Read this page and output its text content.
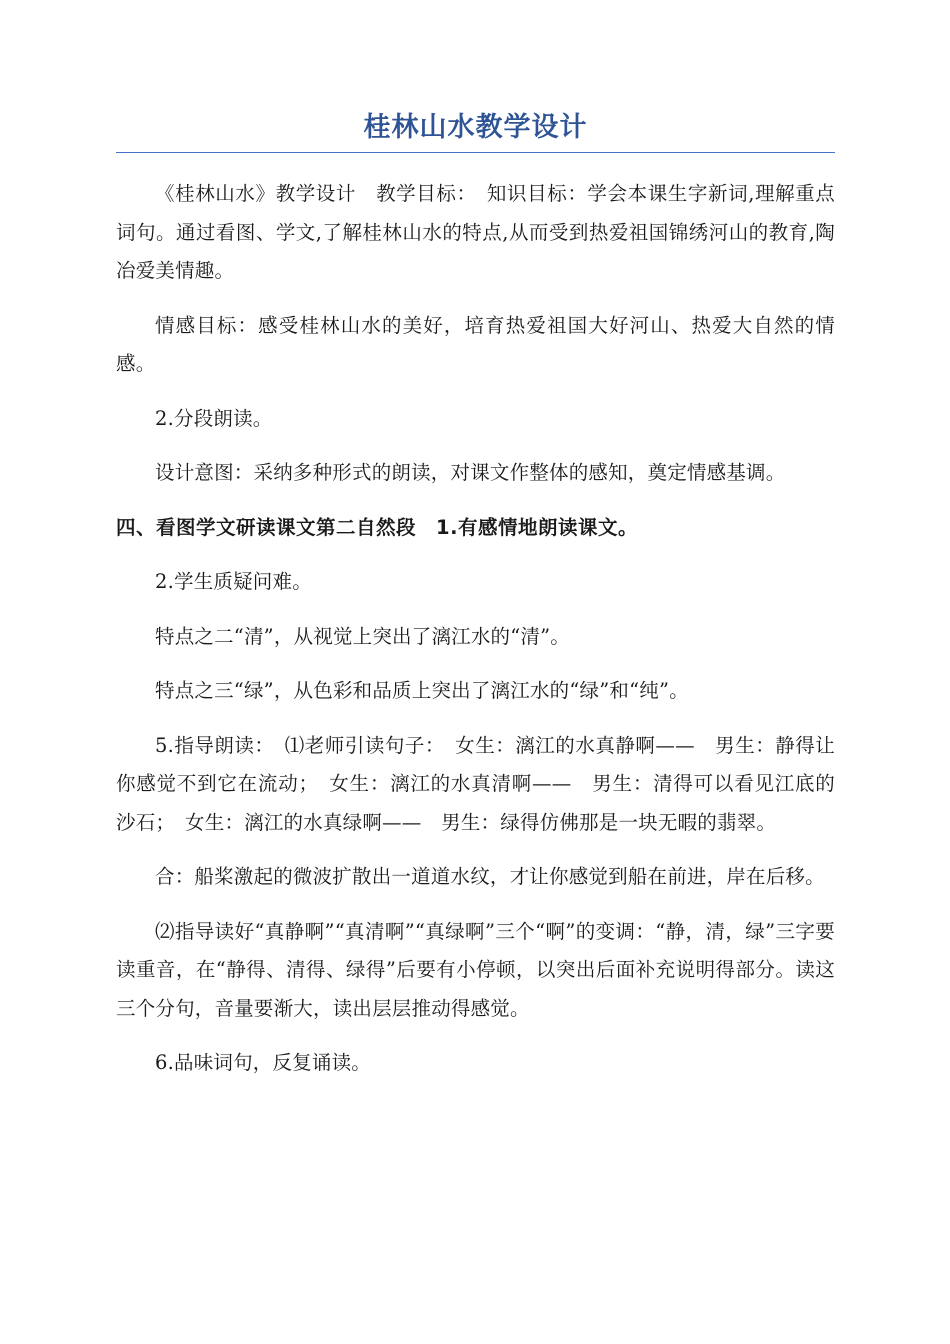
桂林山水教学设计

《桂林山水》教学设计　教学目标：　知识目标：学会本课生字新词,理解重点词句。通过看图、学文,了解桂林山水的特点,从而受到热爱祖国锦绣河山的教育,陶冶爱美情趣。

情感目标：感受桂林山水的美好，培育热爱祖国大好河山、热爱大自然的情感。

2.分段朗读。

设计意图：采纳多种形式的朗读，对课文作整体的感知，奠定情感基调。

四、看图学文研读课文第二自然段　1.有感情地朗读课文。

2.学生质疑问难。

特点之二“清”，从视觉上突出了漓江水的“清”。

特点之三“绿”，从色彩和品质上突出了漓江水的“绿”和“纯”。

5.指导朗读：　⑴老师引读句子：　女生：漓江的水真静啊——　男生：静得让你感觉不到它在流动；　女生：漓江的水真清啊——　男生：清得可以看见江底的沙石；　女生：漓江的水真绿啊——　男生：绿得仿佛那是一块无暇的翡翠。

合：船桨激起的微波扩散出一道道水纹，才让你感觉到船在前进，岸在后移。

⑵指导读好“真静啊”“真清啊”“真绿啊”三个“啊”的变调：“静，清，绿”三字要读重音，在“静得、清得、绿得”后要有小停顿，以突出后面补充说明得部分。读这三个分句，音量要渐大，读出层层推动得感觉。

6.品味词句，反复诵读。
